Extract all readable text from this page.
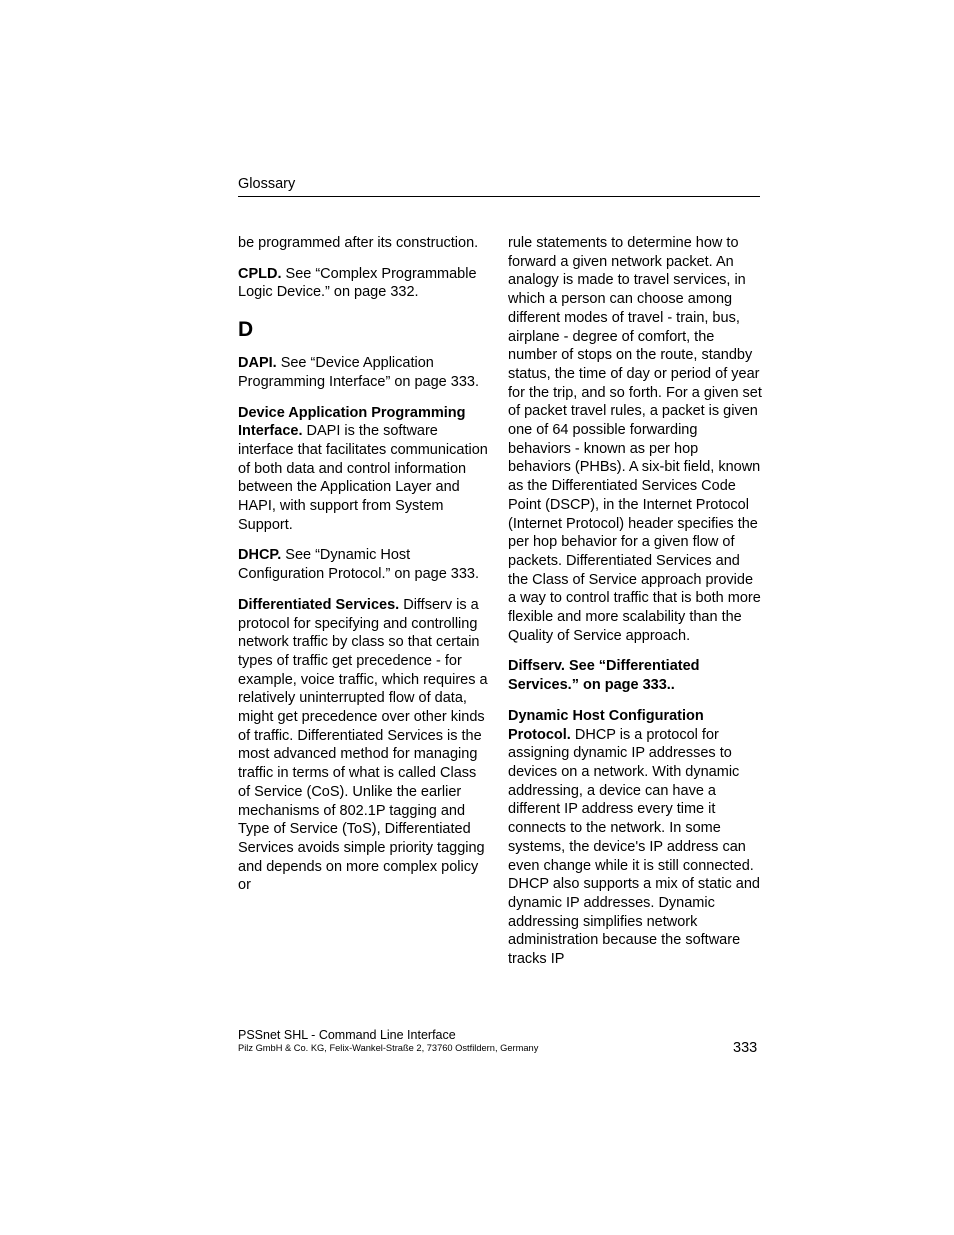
Glossary

be programmed after its construction.

CPLD. See “Complex Programmable Logic Device.” on page 332.

D

DAPI. See “Device Application Programming Interface” on page 333.

Device Application Programming Interface. DAPI is the software interface that facilitates communication of both data and control information between the Application Layer and HAPI, with support from System Support.

DHCP. See “Dynamic Host Configuration Protocol.” on page 333.

Differentiated Services. Diffserv is a protocol for specifying and controlling network traffic by class so that certain types of traffic get precedence - for example, voice traffic, which requires a relatively uninterrupted flow of data, might get precedence over other kinds of traffic. Differentiated Services is the most advanced method for managing traffic in terms of what is called Class of Service (CoS). Unlike the earlier mechanisms of 802.1P tagging and Type of Service (ToS), Differentiated Services avoids simple priority tagging and depends on more complex policy or

rule statements to determine how to forward a given network packet. An analogy is made to travel services, in which a person can choose among different modes of travel - train, bus, airplane - degree of comfort, the number of stops on the route, standby status, the time of day or period of year for the trip, and so forth. For a given set of packet travel rules, a packet is given one of 64 possible forwarding behaviors - known as per hop behaviors (PHBs). A six-bit field, known as the Differentiated Services Code Point (DSCP), in the Internet Protocol (Internet Protocol) header specifies the per hop behavior for a given flow of packets. Differentiated Services and the Class of Service approach provide a way to control traffic that is both more flexible and more scalability than the Quality of Service approach.

Diffserv. See “Differentiated Services.” on page 333..

Dynamic Host Configuration Protocol. DHCP is a protocol for assigning dynamic IP addresses to devices on a network. With dynamic addressing, a device can have a different IP address every time it connects to the network. In some systems, the device's IP address can even change while it is still connected. DHCP also supports a mix of static and dynamic IP addresses. Dynamic addressing simplifies network administration because the software tracks IP

PSSnet SHL - Command Line Interface
Pilz GmbH & Co. KG, Felix-Wankel-Straße 2, 73760 Ostfildern, Germany	333
